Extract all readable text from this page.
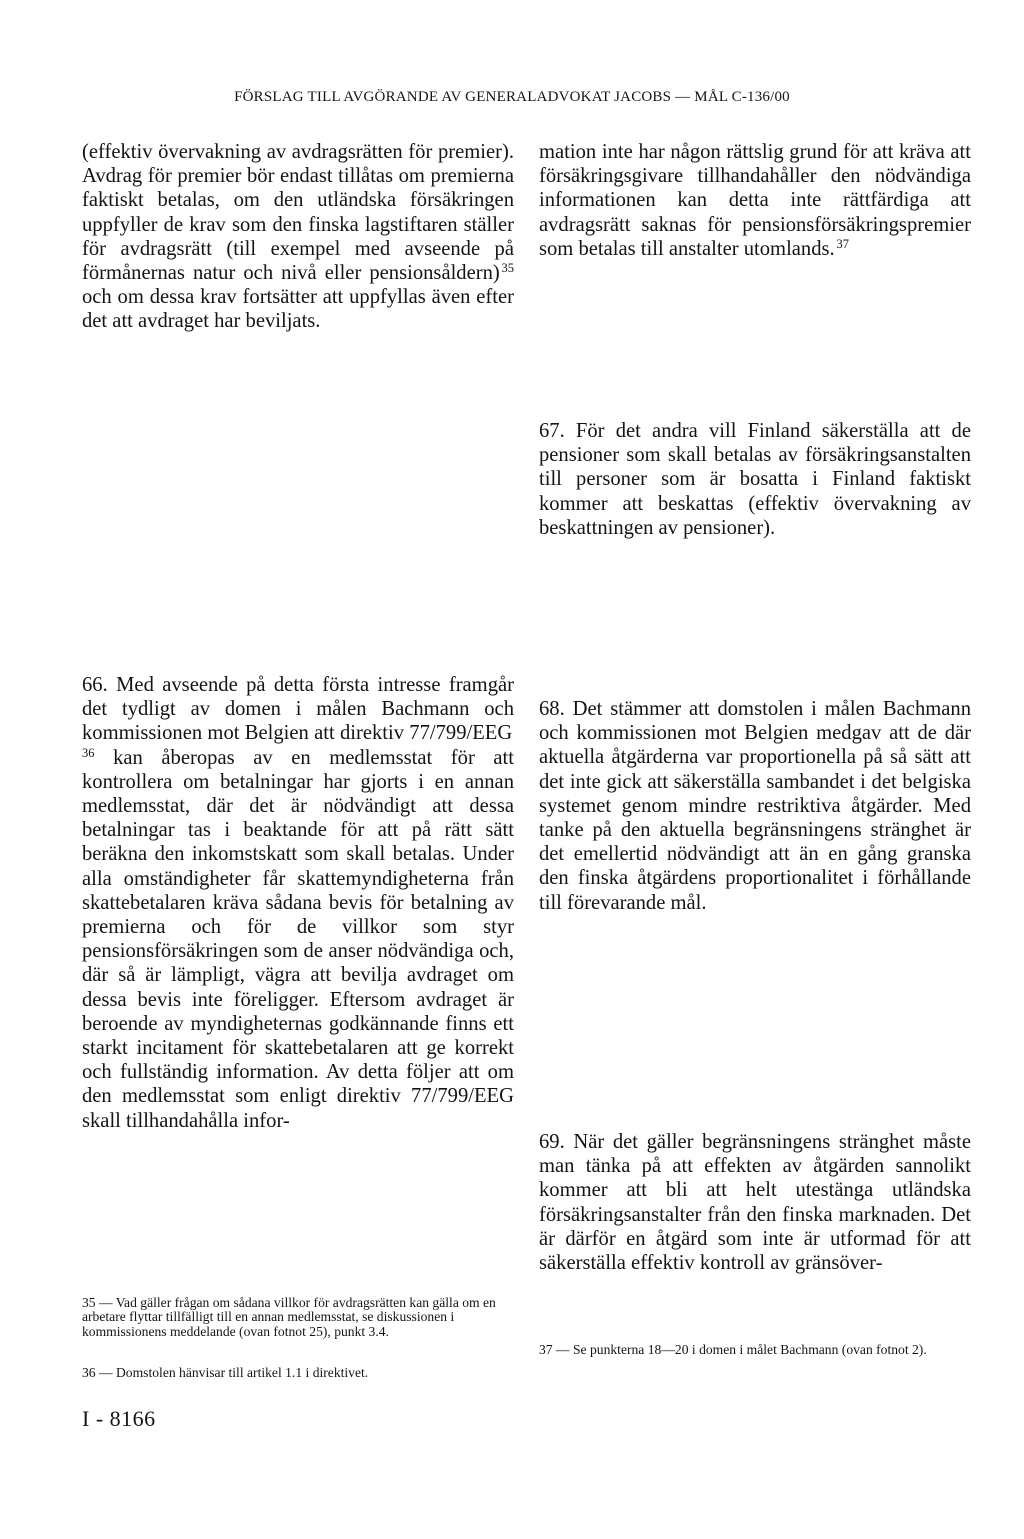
FÖRSLAG TILL AVGÖRANDE AV GENERALADVOKAT JACOBS — MÅL C-136/00

(effektiv övervakning av avdragsrätten för premier). Avdrag för premier bör endast tillåtas om premierna faktiskt betalas, om den utländska försäkringen uppfyller de krav som den finska lagstiftaren ställer för avdragsrätt (till exempel med avseende på förmånernas natur och nivå eller pensionsåldern)  $^{35}$ och om dessa krav fortsätter att uppfyllas även efter det att avdraget har beviljats.

66. Med avseende på detta första intresse framgår det tydligt av domen i målen Bachmann och kommissionen mot Belgien att direktiv 77/799/EEG $^{36}$ kan åberopas av en medlemsstat för att kontrollera om betalningar har gjorts i en annan medlemsstat, där det är nödvändigt att dessa betalningar tas i beaktande för att på rätt sätt beräkna den inkomstskatt som skall betalas. Under alla omständigheter får skattemyndigheterna från skattebetalaren kräva sådana bevis för betalning av premierna och för de villkor som styr pensionsförsäkringen som de anser nödvändiga och, där så är lämpligt, vägra att bevilja avdraget om dessa bevis inte föreligger. Eftersom avdraget är beroende av myndigheternas godkännande finns ett starkt incitament för skattebetalaren att ge korrekt och fullständig information. Av detta följer att om den medlemsstat som enligt direktiv 77/799/EEG skall tillhandahålla infor-

35 — Vad gäller frågan om sådana villkor för avdragsrätten kan gälla om en arbetare flyttar tillfälligt till en annan medlemsstat, se diskussionen i kommissionens meddelande (ovan fotnot 25), punkt 3.4.

36 — Domstolen hänvisar till artikel 1.1 i direktivet.

I - 8166

mation inte har någon rättslig grund för att kräva att försäkringsgivare tillhandahåller den nödvändiga informationen kan detta inte rättfärdiga att avdragsrätt saknas för pensionsförsäkringspremier som betalas till anstalter utomlands.  $^{37}$

67. För det andra vill Finland säkerställa att de pensioner som skall betalas av försäkringsanstalten till personer som är bosatta i Finland faktiskt kommer att beskattas (effektiv övervakning av beskattningen av pensioner).

68. Det stämmer att domstolen i målen Bachmann och kommissionen mot Belgien medgav att de där aktuella åtgärderna var proportionella på så sätt att det inte gick att säkerställa sambandet i det belgiska systemet genom mindre restriktiva åtgärder. Med tanke på den aktuella begränsningens stränghet är det emellertid nödvändigt att än en gång granska den finska åtgärdens proportionalitet i förhållande till förevarande mål.

69. När det gäller begränsningens stränghet måste man tänka på att effekten av åtgärden sannolikt kommer att bli att helt utestänga utländska försäkringsanstalter från den finska marknaden. Det är därför en åtgärd som inte är utformad för att säkerställa effektiv kontroll av gränsöver-

37 — Se punkterna 18—20 i domen i målet Bachmann (ovan fotnot 2).
